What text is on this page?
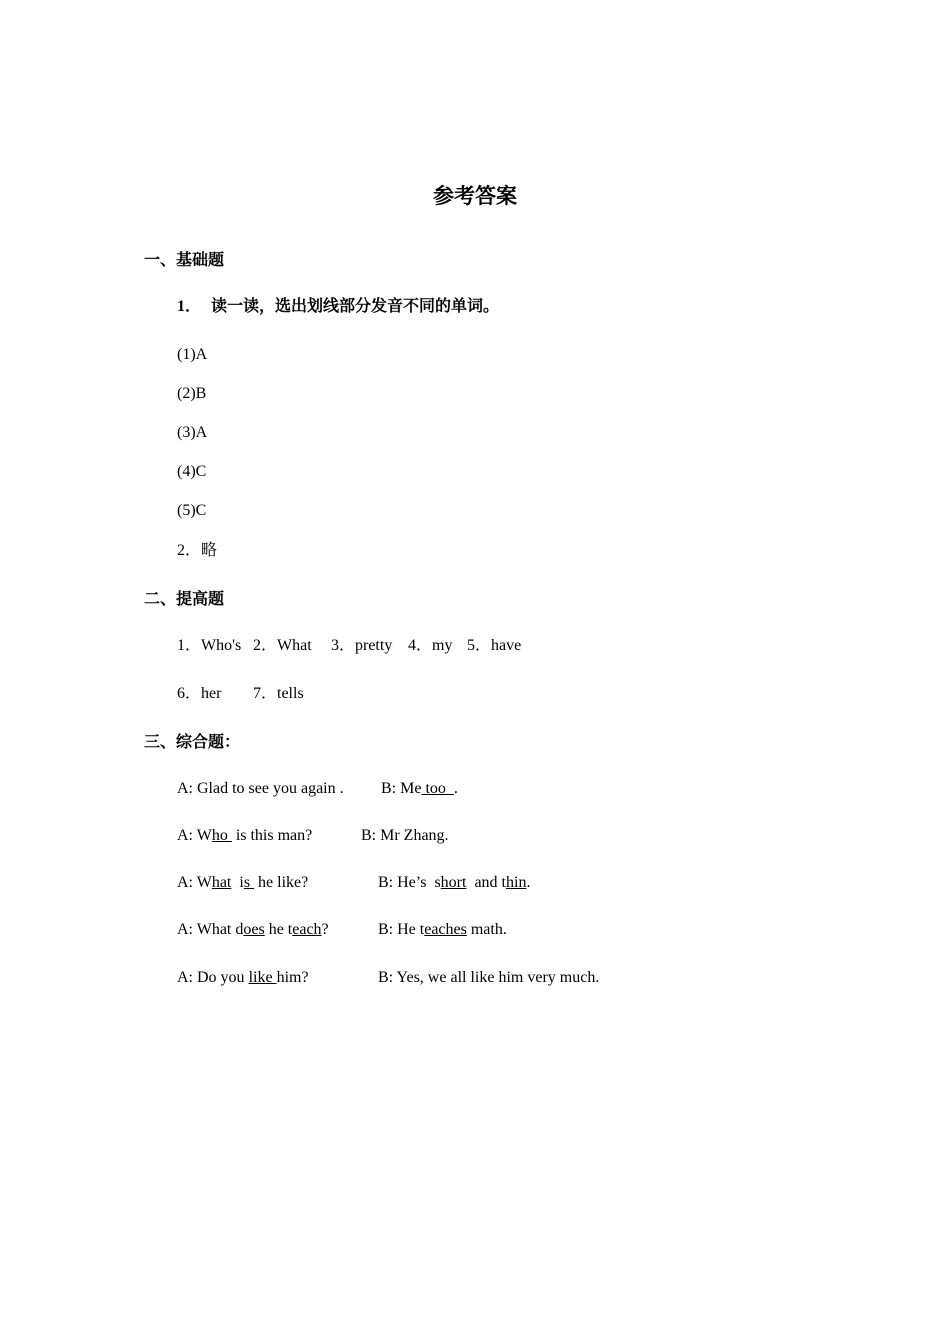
参考答案
一、基础题
1． 读一读，选出划线部分发音不同的单词。
(1)A
(2)B
(3)A
(4)C
(5)C
2．略
二、提高题
1．Who's 2．What 3．pretty 4．my 5．have
6．her 7．tells
三、综合题：
A: Glad to see you again . B: Me too  .
A: Who  is this man?	B: Mr Zhang.
A: What  is  he like?	B: He’s  short  and thin.
A: What does he teach?	B: He teaches math.
A: Do you like him?	B: Yes, we all like him very much.
